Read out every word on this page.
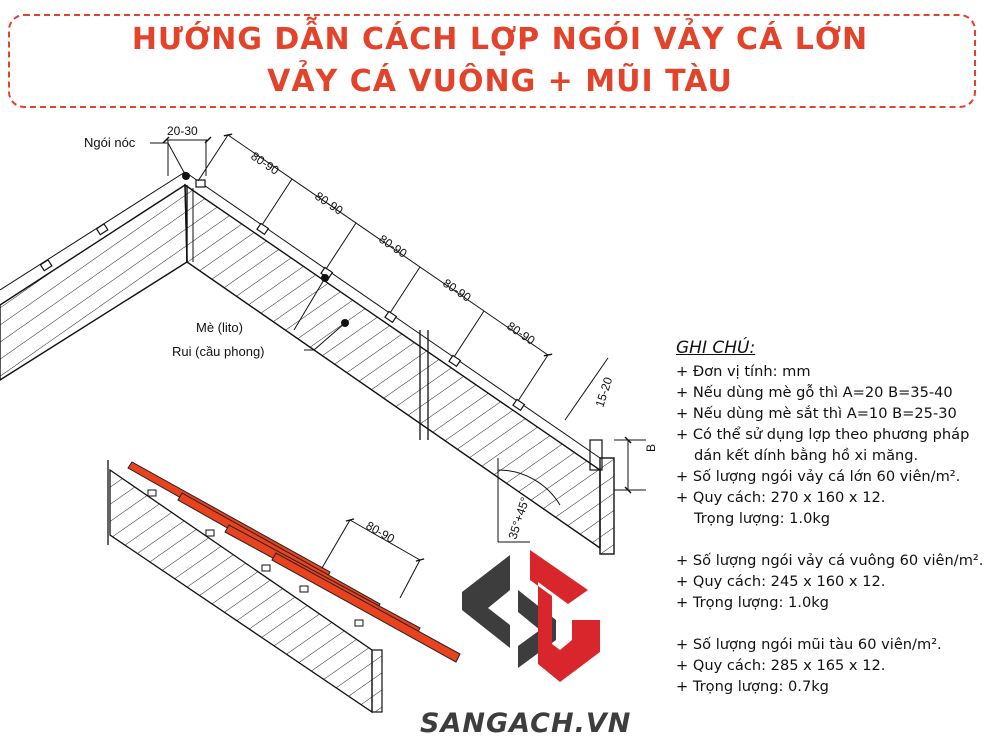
HƯỚNG DẪN CÁCH LỢP NGÓI VẢY CÁ LỚN
VẢY CÁ VUÔNG + MŨI TÀU
20-30
80-90
80-90
80-90
80-90
80-90
15-20
B
35°+45°
Ngói nóc
Mè (lito)
Rui (cầu phong)
80-90
GHI CHÚ:
+ Đơn vị tính: mm
+ Nếu dùng mè gỗ thì A=20 B=35-40
+ Nếu dùng mè sắt thì A=10 B=25-30
+ Có thể sử dụng lợp theo phương pháp
dán kết dính bằng hồ xi măng.
+ Số lượng ngói vảy cá lớn 60 viên/m².
+ Quy cách: 270 x 160 x 12.
Trọng lượng: 1.0kg
+ Số lượng ngói vảy cá vuông 60 viên/m².
+ Quy cách: 245 x 160 x 12.
+ Trọng lượng: 1.0kg
+ Số lượng ngói mũi tàu 60 viên/m².
+ Quy cách: 285 x 165 x 12.
+ Trọng lượng: 0.7kg
SANGACH.VN
